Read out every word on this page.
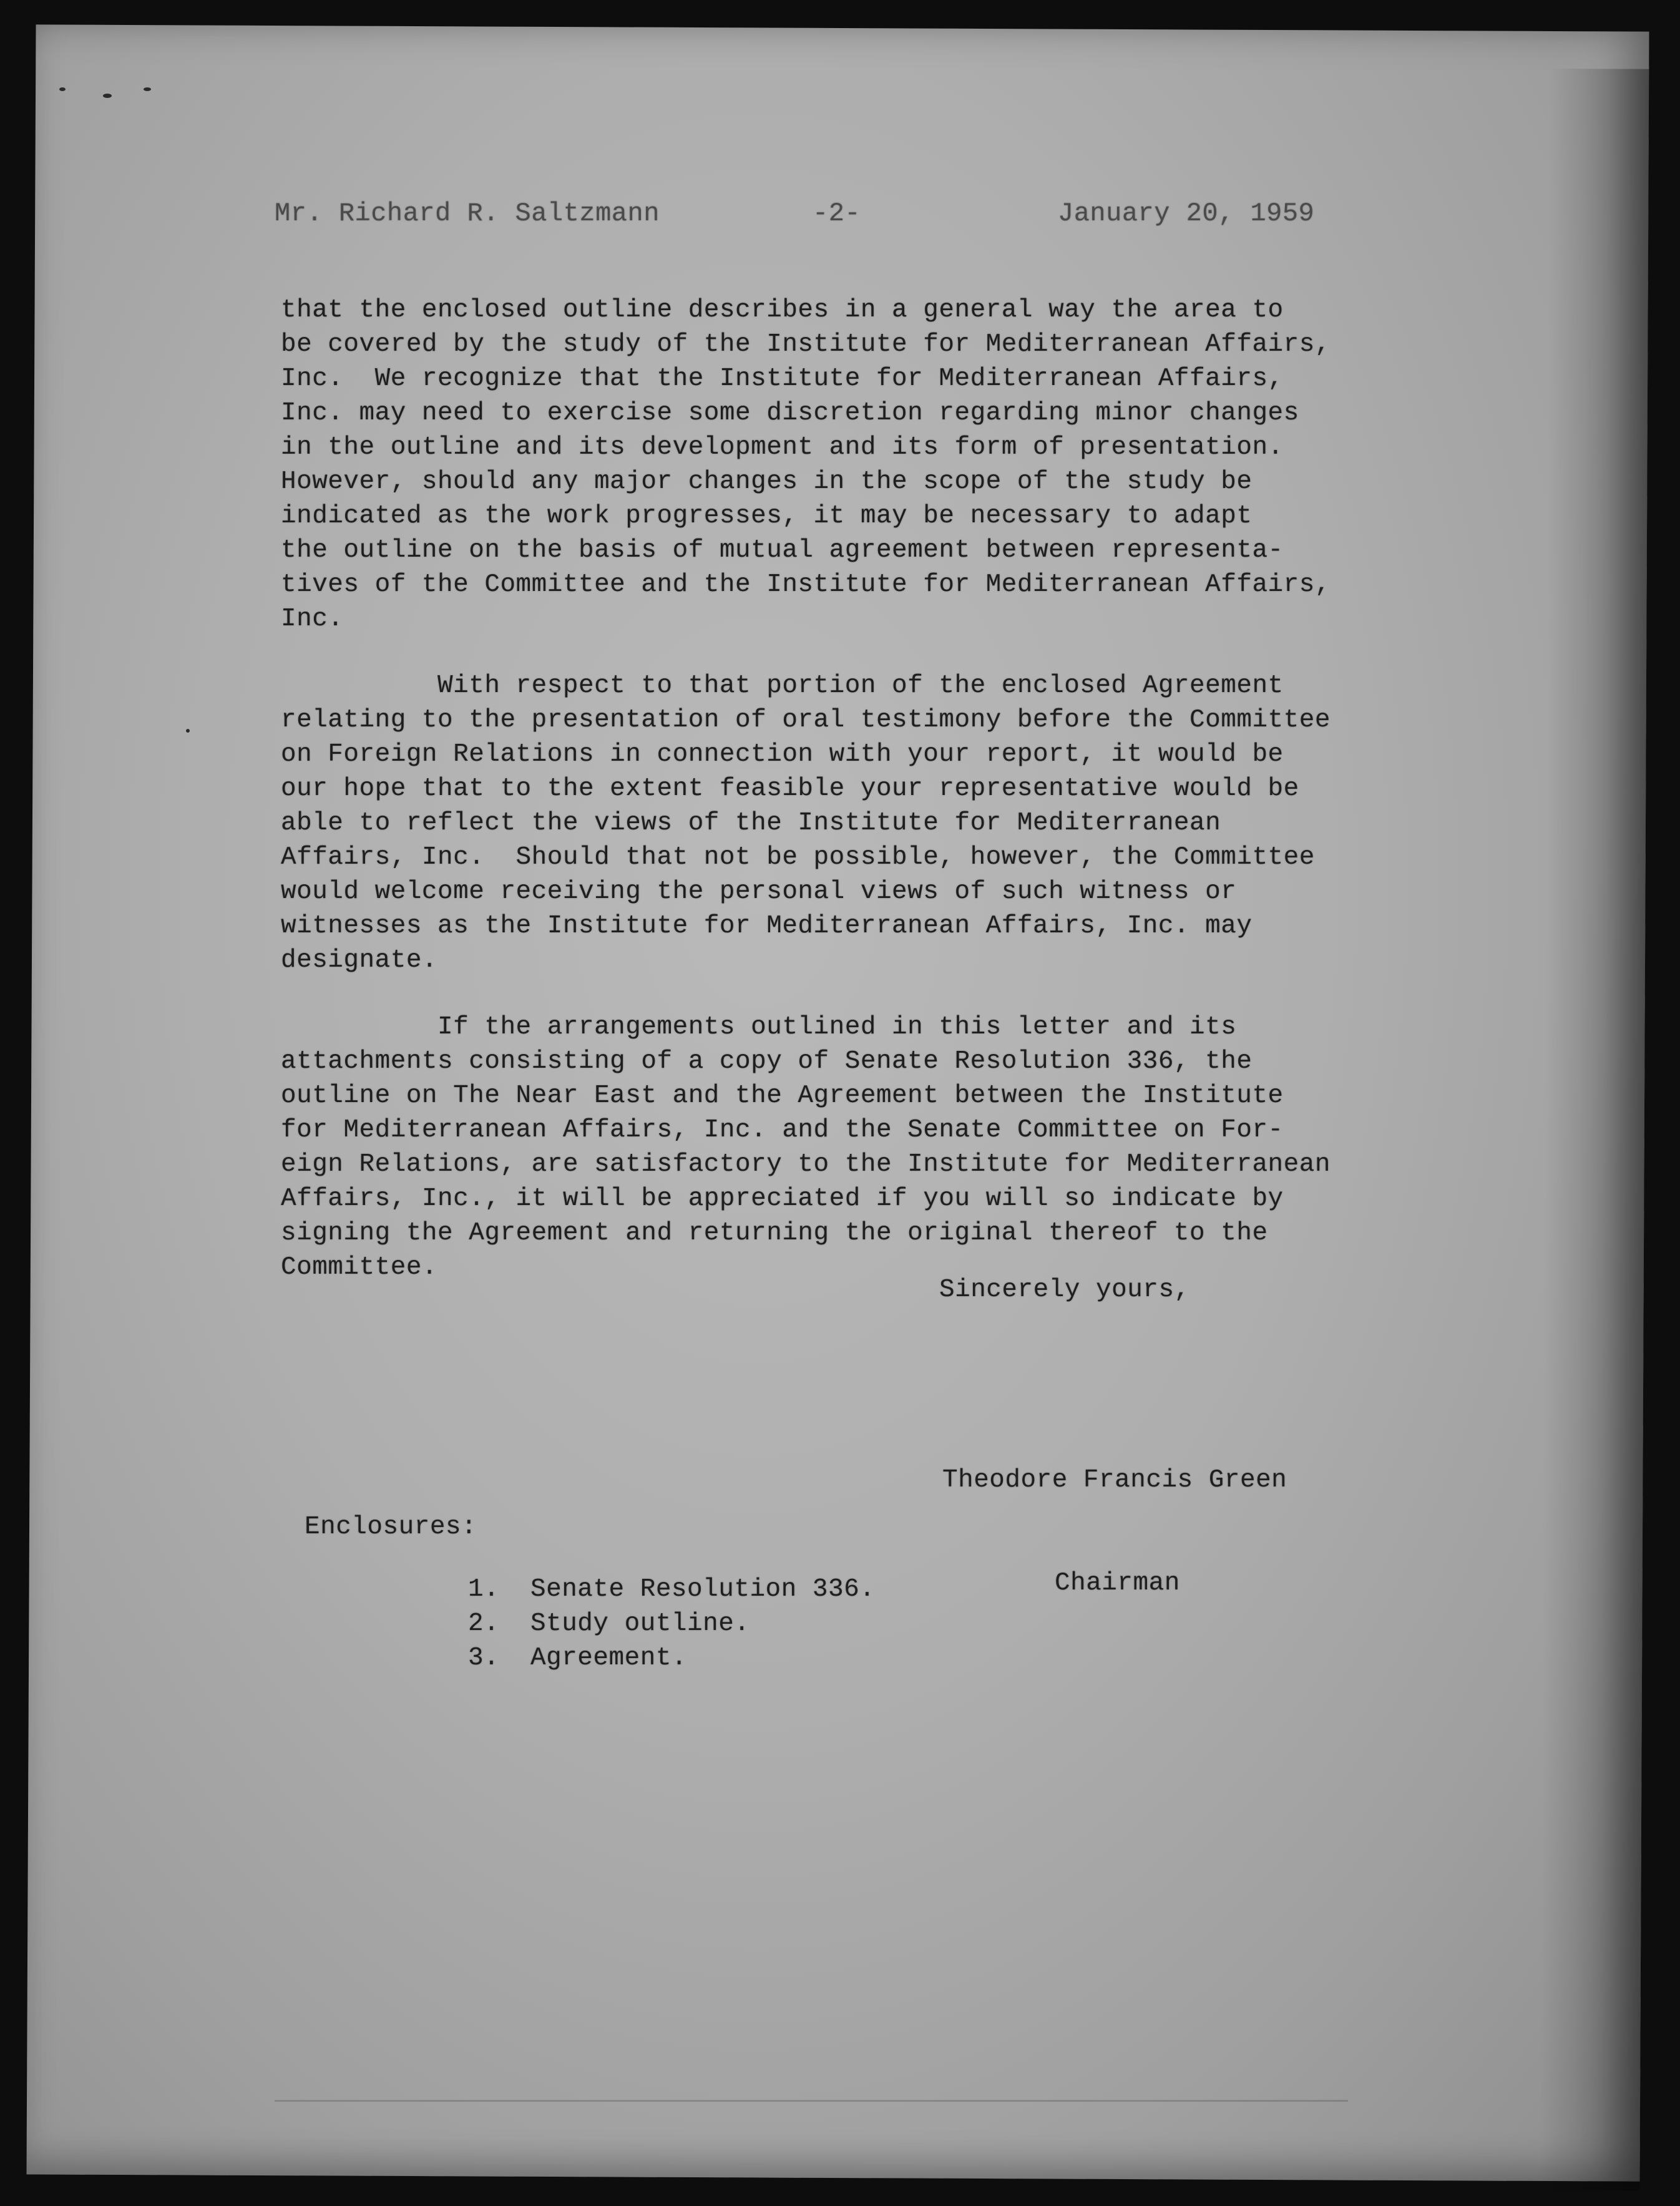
Mr. Richard R. Saltzmann	-2-	January 20, 1959

that the enclosed outline describes in a general way the area to
be covered by the study of the Institute for Mediterranean Affairs,
Inc.  We recognize that the Institute for Mediterranean Affairs,
Inc. may need to exercise some discretion regarding minor changes
in the outline and its development and its form of presentation.
However, should any major changes in the scope of the study be
indicated as the work progresses, it may be necessary to adapt
the outline on the basis of mutual agreement between representa-
tives of the Committee and the Institute for Mediterranean Affairs,
Inc.

With respect to that portion of the enclosed Agreement
relating to the presentation of oral testimony before the Committee
on Foreign Relations in connection with your report, it would be
our hope that to the extent feasible your representative would be
able to reflect the views of the Institute for Mediterranean
Affairs, Inc.  Should that not be possible, however, the Committee
would welcome receiving the personal views of such witness or
witnesses as the Institute for Mediterranean Affairs, Inc. may
designate.

If the arrangements outlined in this letter and its
attachments consisting of a copy of Senate Resolution 336, the
outline on The Near East and the Agreement between the Institute
for Mediterranean Affairs, Inc. and the Senate Committee on For-
eign Relations, are satisfactory to the Institute for Mediterranean
Affairs, Inc., it will be appreciated if you will so indicate by
signing the Agreement and returning the original thereof to the
Committee.

Sincerely yours,

Theodore Francis Green

Chairman

Enclosures:
1. Senate Resolution 336.
2. Study outline.
3. Agreement.
